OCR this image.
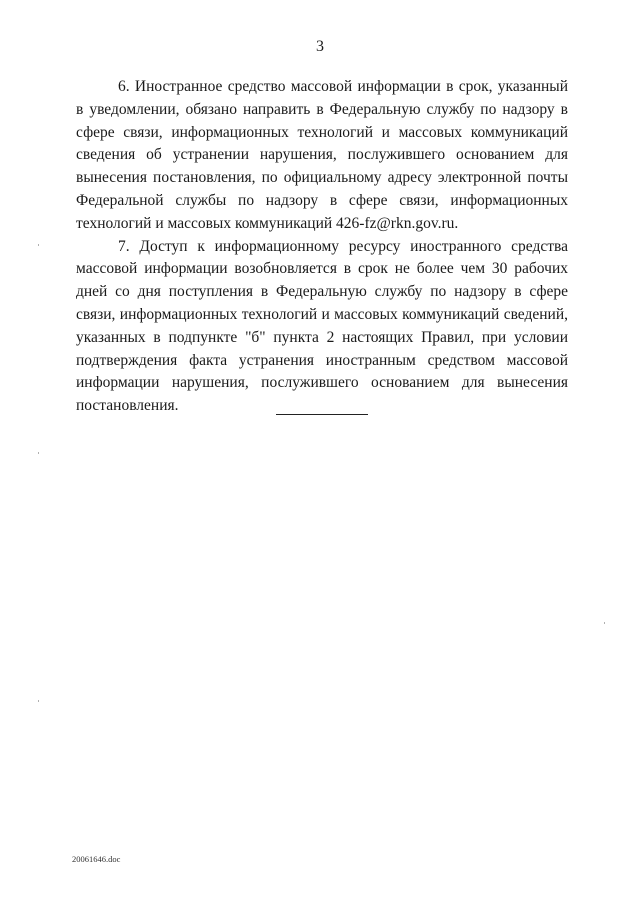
3

6. Иностранное средство массовой информации в срок, указанный в уведомлении, обязано направить в Федеральную службу по надзору в сфере связи, информационных технологий и массовых коммуникаций сведения об устранении нарушения, послужившего основанием для вынесения постановления, по официальному адресу электронной почты Федеральной службы по надзору в сфере связи, информационных технологий и массовых коммуникаций 426-fz@rkn.gov.ru.

7. Доступ к информационному ресурсу иностранного средства массовой информации возобновляется в срок не более чем 30 рабочих дней со дня поступления в Федеральную службу по надзору в сфере связи, информационных технологий и массовых коммуникаций сведений, указанных в подпункте "б" пункта 2 настоящих Правил, при условии подтверждения факта устранения иностранным средством массовой информации нарушения, послужившего основанием для вынесения постановления.

20061646.doc
